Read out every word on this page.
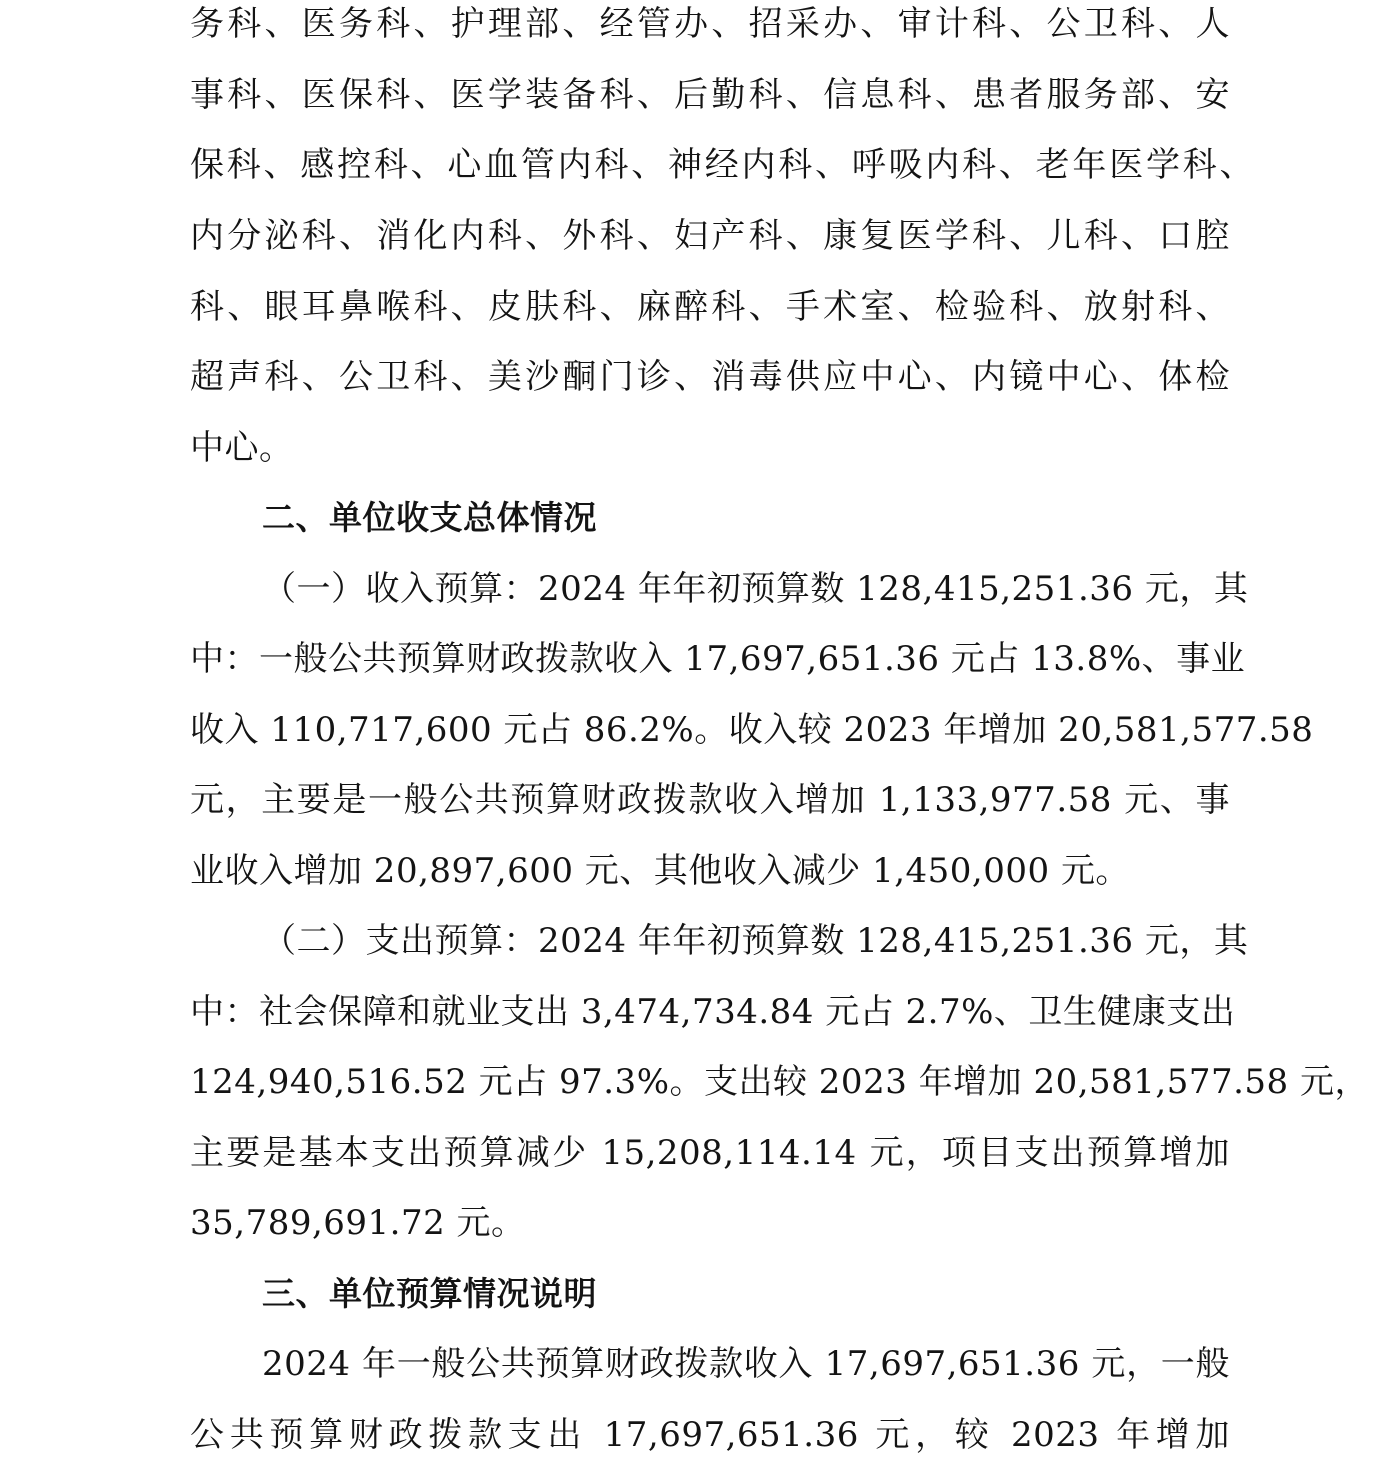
务科、医务科、护理部、经管办、招采办、审计科、公卫科、人
事科、医保科、医学装备科、后勤科、信息科、患者服务部、安
保科、感控科、心血管内科、神经内科、呼吸内科、老年医学科、
内分泌科、消化内科、外科、妇产科、康复医学科、儿科、口腔
科、眼耳鼻喉科、皮肤科、麻醉科、手术室、检验科、放射科、
超声科、公卫科、美沙酮门诊、消毒供应中心、内镜中心、体检
中心。
二、单位收支总体情况
（一）收入预算：2024 年年初预算数 128,415,251.36 元，其
中：一般公共预算财政拨款收入 17,697,651.36 元占 13.8%、事业
收入 110,717,600 元占 86.2%。收入较 2023 年增加 20,581,577.58
元，主要是一般公共预算财政拨款收入增加 1,133,977.58 元、事
业收入增加 20,897,600 元、其他收入减少 1,450,000 元。
（二）支出预算：2024 年年初预算数 128,415,251.36 元，其
中：社会保障和就业支出 3,474,734.84 元占 2.7%、卫生健康支出
124,940,516.52 元占 97.3%。支出较 2023 年增加 20,581,577.58 元，
主要是基本支出预算减少 15,208,114.14 元，项目支出预算增加
35,789,691.72 元。
三、单位预算情况说明
2024 年一般公共预算财政拨款收入 17,697,651.36 元，一般
公共预算财政拨款支出 17,697,651.36 元，较 2023 年增加
